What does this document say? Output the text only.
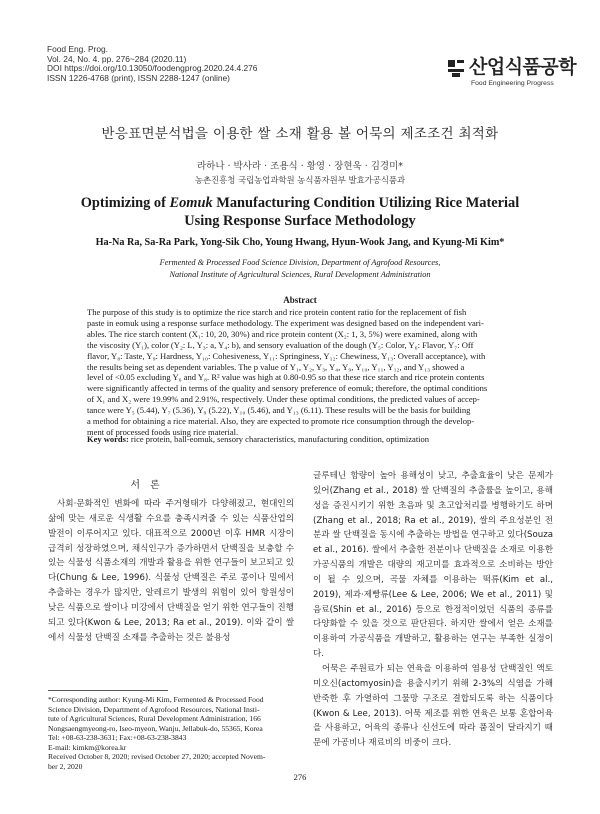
Food Eng. Prog.
Vol. 24, No. 4. pp. 276~284 (2020.11)
DOI https://doi.org/10.13050/foodengprog.2020.24.4.276
ISSN 1226-4768 (print), ISSN 2288-1247 (online)	산업식품공학
Food Engineering Progress
반응표면분석법을 이용한 쌀 소재 활용 볼 어묵의 제조조건 최적화
라하나 · 박사라 · 조용식 · 황영 · 장현욱 · 김경미*
농촌진흥청 국립농업과학원 농식품자원부 발효가공식품과
Optimizing of Eomuk Manufacturing Condition Utilizing Rice Material
Using Response Surface Methodology
Ha-Na Ra, Sa-Ra Park, Yong-Sik Cho, Young Hwang, Hyun-Wook Jang, and Kyung-Mi Kim*
Fermented & Processed Food Science Division, Department of Agrofood Resources,
National Institute of Agricultural Sciences, Rural Development Administration
Abstract
The purpose of this study is to optimize the rice starch and rice protein content ratio for the replacement of fish
paste in eomuk using a response surface methodology. The experiment was designed based on the independent vari-
ables. The rice starch content (X₁: 10, 20, 30%) and rice protein content (X₂: 1, 3, 5%) were examined, along with
the viscosity (Y₁), color (Y₂: L, Y₃: a, Y₄: b), and sensory evaluation of the dough (Y₅: Color, Y₆: Flavor, Y₇: Off
flavor, Y₈: Taste, Y₉: Hardness, Y₁₀: Cohesiveness, Y₁₁: Springiness, Y₁₂: Chewiness, Y₁₃: Overall acceptance), with
the results being set as dependent variables. The p value of Y₁, Y₂, Y₃, Y₄, Y₉, Y₁₀, Y₁₁, Y₁₂, and Y₁₃ showed a
level of <0.05 excluding Y₆ and Y₈. R² value was high at 0.80-0.95 so that these rice starch and rice protein contents
were significantly affected in terms of the quality and sensory preference of eomuk; therefore, the optimal conditions
of X₁ and X₂ were 19.99% and 2.91%, respectively. Under these optimal conditions, the predicted values of accep-
tance were Y₅ (5.44), Y₇ (5.36), Y₉ (5.22), Y₁₀ (5.46), and Y₁₃ (6.11). These results will be the basis for building
a method for obtaining a rice material. Also, they are expected to promote rice consumption through the develop-
ment of processed foods using rice material.
Key words: rice protein, ball-eomuk, sensory characteristics, manufacturing condition, optimization
서론

사회·문화적인 변화에 따라 주거형태가 다양해졌고, 현대인의 삶에 맞는 새로운 식생활 수요를 충족시켜줄 수 있는 식품산업의 발전이 이루어지고 있다. 대표적으로 2000년 이후 HMR 시장이 급격히 성장하였으며, 채식인구가 증가하면서 단백질을 보충할 수 있는 식물성 식품소재의 개발과 활용을 위한 연구들이 보고되고 있다(Chung & Lee, 1996). 식물성 단백질은 주로 콩이나 밀에서 추출하는 경우가 많지만, 알레르기 발생의 위험이 있어 항원성이 낮은 식품으로 쌀이나 미강에서 단백질을 얻기 위한 연구들이 진행되고 있다(Kwon & Lee, 2013; Ra et al., 2019). 이와 같이 쌀에서 식물성 단백질 소재를 추출하는 것은 불용성

글루테닌 함량이 높아 용해성이 낮고, 추출효율이 낮은 문제가 있어(Zhang et al., 2018) 쌀 단백질의 추출률을 높이고, 용해성을 증진시키기 위한 초음파 및 초고압처리를 병행하기도 하며(Zhang et al., 2018; Ra et al., 2019), 쌀의 주요성분인 전분과 쌀 단백질을 동시에 추출하는 방법을 연구하고 있다(Souza et al., 2016). 쌀에서 추출한 전분이나 단백질을 소재로 이용한 가공식품의 개발은 대량의 재고미를 효과적으로 소비하는 방안이 될 수 있으며, 곡물 자체를 이용하는 떡류(Kim et al., 2019), 제과·제빵류(Lee & Lee, 2006; We et al., 2011) 및 음료(Shin et al., 2016) 등으로 한정적이었던 식품의 종류를 다양화할 수 있을 것으로 판단된다. 하지만 쌀에서 얻은 소재를 이용하여 가공식품을 개발하고, 활용하는 연구는 부족한 실정이다.

어묵은 주원료가 되는 연육을 이용하여 염용성 단백질인 액토미오신(actomyosin)을 용출시키기 위해 2-3%의 식염을 가해 반죽한 후 가열하여 그물망 구조로 결합되도록 하는 식품이다(Kwon & Lee, 2013). 어묵 제조를 위한 연육은 보통 혼합어육을 사용하고, 어육의 종류나 신선도에 따라 품질이 달라지기 때문에 가공비나 재료비의 비중이 크다.

*Corresponding author: Kyung-Mi Kim, Fermented & Processed Food
Science Division, Department of Agrofood Resources, National Insti-
tute of Agricultural Sciences, Rural Development Administration, 166
Nongsaengmyeong-ro, Iseo-myeon, Wanju, Jellabuk-do, 55365, Korea
Tel: +08-63-238-3631; Fax:+08-63-238-3843
E-mail: kimkm@korea.kr
Received October 8, 2020; revised October 27, 2020; accepted Novem-
ber 2, 2020
276
